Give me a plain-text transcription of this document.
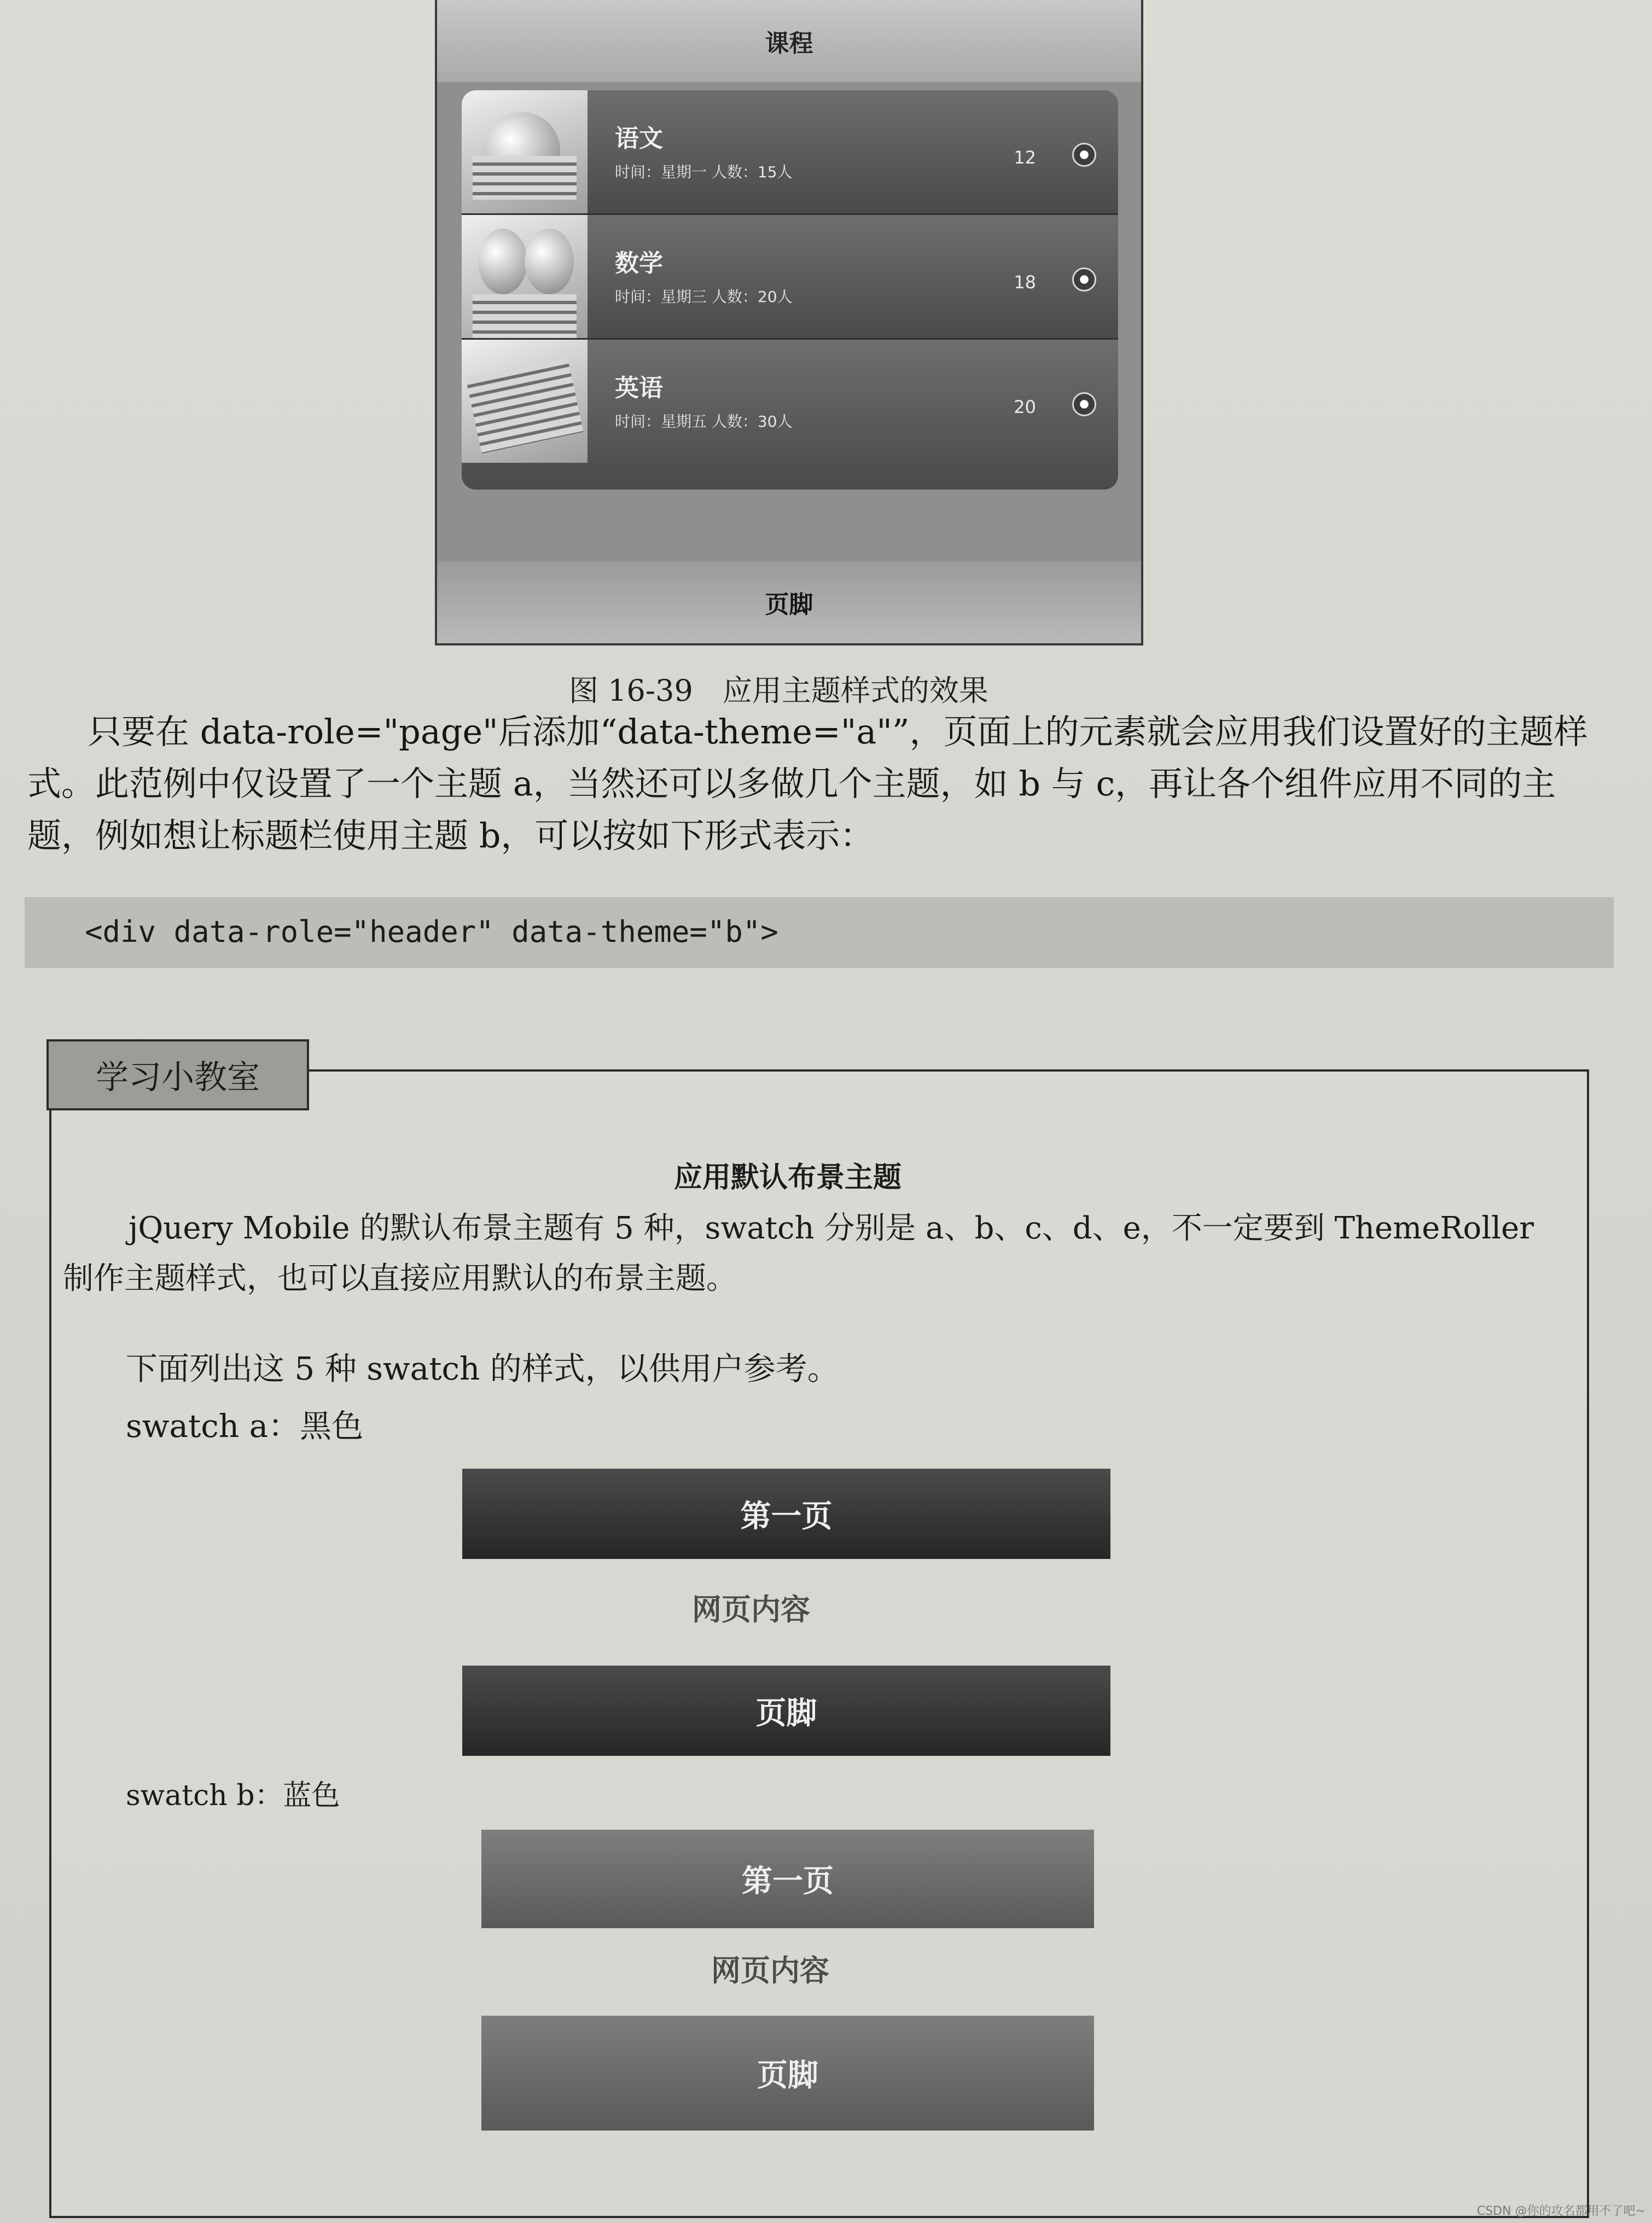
课程
语文
时间：星期一 人数：15人
12
数学
时间：星期三 人数：20人
18
英语
时间：星期五 人数：30人
20
页脚
图 16-39　应用主题样式的效果
只要在 data-role="page"后添加“data-theme="a"”，页面上的元素就会应用我们设置好的主题样式。此范例中仅设置了一个主题 a，当然还可以多做几个主题，如 b 与 c，再让各个组件应用不同的主题，例如想让标题栏使用主题 b，可以按如下形式表示：
<div data-role="header" data-theme="b">
学习小教室
应用默认布景主题
jQuery Mobile 的默认布景主题有 5 种，swatch 分别是 a、b、c、d、e，不一定要到 ThemeRoller 制作主题样式，也可以直接应用默认的布景主题。
下面列出这 5 种 swatch 的样式，以供用户参考。
swatch a：黑色
第一页
网页内容
页脚
swatch b：蓝色
第一页
网页内容
页脚
CSDN @你的攻名都用不了吧~
